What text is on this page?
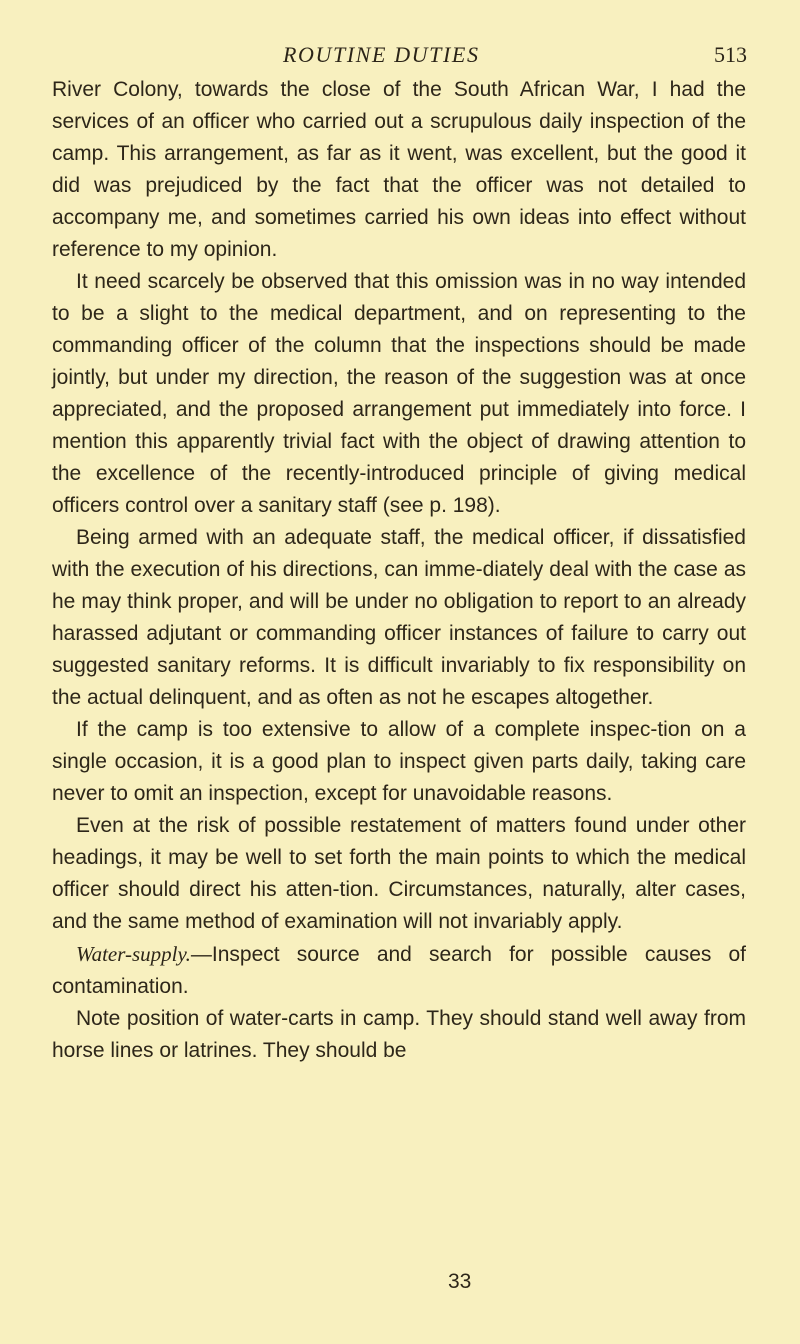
ROUTINE DUTIES	513

River Colony, towards the close of the South African War, I had the services of an officer who carried out a scrupulous daily inspection of the camp. This arrangement, as far as it went, was excellent, but the good it did was prejudiced by the fact that the officer was not detailed to accompany me, and sometimes carried his own ideas into effect without reference to my opinion.

It need scarcely be observed that this omission was in no way intended to be a slight to the medical department, and on representing to the commanding officer of the column that the inspections should be made jointly, but under my direction, the reason of the suggestion was at once appreciated, and the proposed arrangement put immediately into force. I mention this apparently trivial fact with the object of drawing attention to the excellence of the recently-introduced principle of giving medical officers control over a sanitary staff (see p. 198).

Being armed with an adequate staff, the medical officer, if dissatisfied with the execution of his directions, can imme-diately deal with the case as he may think proper, and will be under no obligation to report to an already harassed adjutant or commanding officer instances of failure to carry out suggested sanitary reforms. It is difficult invariably to fix responsibility on the actual delinquent, and as often as not he escapes altogether.

If the camp is too extensive to allow of a complete inspec-tion on a single occasion, it is a good plan to inspect given parts daily, taking care never to omit an inspection, except for unavoidable reasons.

Even at the risk of possible restatement of matters found under other headings, it may be well to set forth the main points to which the medical officer should direct his atten-tion. Circumstances, naturally, alter cases, and the same method of examination will not invariably apply.

Water-supply.—Inspect source and search for possible causes of contamination.

Note position of water-carts in camp. They should stand well away from horse lines or latrines. They should be

33
